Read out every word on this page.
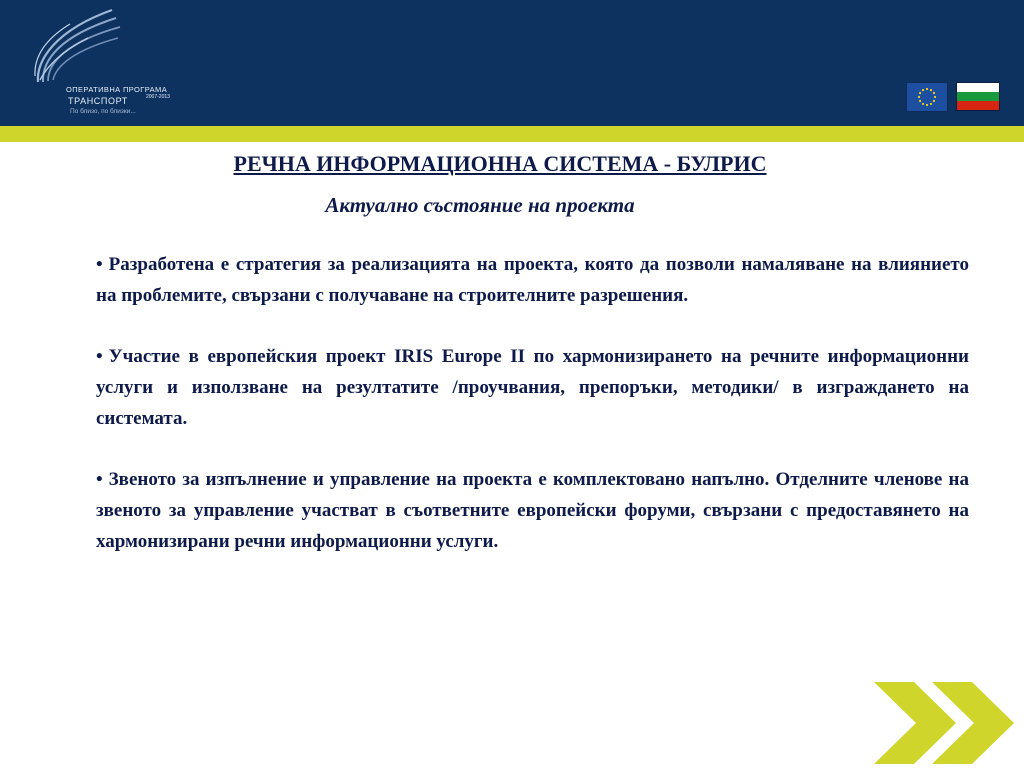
ОПЕРАТИВНА ПРОГРАМА
ТРАНСПОРТ	2007-2013
По близо, по близки...
РЕЧНА ИНФОРМАЦИОННА СИСТЕМА - БУЛРИС
Актуално състояние на проекта

• Разработена е стратегия за реализацията на проекта, която да позволи намаляване на влиянието на проблемите, свързани с получаване на строителните разрешения.

• Участие в европейския проект IRIS Europe II по хармонизирането на речните информационни услуги и използване на резултатите /проучвания, препоръки, методики/ в изграждането на системата.

• Звеното за изпълнение и управление на проекта е комплектовано напълно. Отделните членове на звеното за управление участват в съответните европейски форуми, свързани с предоставянето на хармонизирани речни информационни услуги.
